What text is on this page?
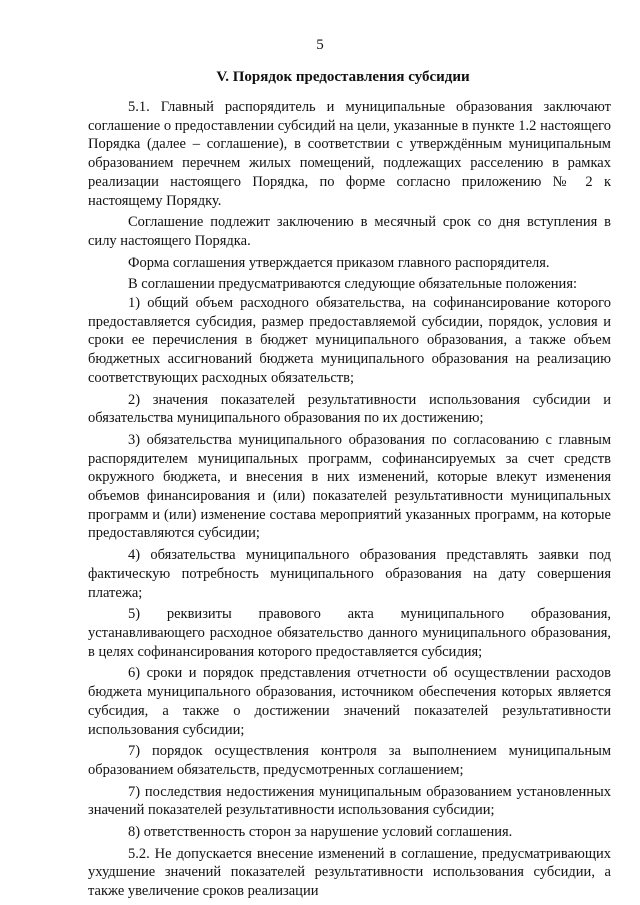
5
V. Порядок предоставления субсидии

5.1. Главный распорядитель и муниципальные образования заключают соглашение о предоставлении субсидий на цели, указанные в пункте 1.2 настоящего Порядка (далее – соглашение), в соответствии с утверждённым муниципальным образованием перечнем жилых помещений, подлежащих расселению в рамках реализации настоящего Порядка, по форме согласно приложению № 2 к настоящему Порядку.

Соглашение подлежит заключению в месячный срок со дня вступления в силу настоящего Порядка.

Форма соглашения утверждается приказом главного распорядителя.

В соглашении предусматриваются следующие обязательные положения:

1) общий объем расходного обязательства, на софинансирование которого предоставляется субсидия, размер предоставляемой субсидии, порядок, условия и сроки ее перечисления в бюджет муниципального образования, а также объем бюджетных ассигнований бюджета муниципального образования на реализацию соответствующих расходных обязательств;

2) значения показателей результативности использования субсидии и обязательства муниципального образования по их достижению;

3) обязательства муниципального образования по согласованию с главным распорядителем муниципальных программ, софинансируемых за счет средств окружного бюджета, и внесения в них изменений, которые влекут изменения объемов финансирования и (или) показателей результативности муниципальных программ и (или) изменение состава мероприятий указанных программ, на которые предоставляются субсидии;

4) обязательства муниципального образования представлять заявки под фактическую потребность муниципального образования на дату совершения платежа;

5) реквизиты правового акта муниципального образования, устанавливающего расходное обязательство данного муниципального образования, в целях софинансирования которого предоставляется субсидия;

6) сроки и порядок представления отчетности об осуществлении расходов бюджета муниципального образования, источником обеспечения которых является субсидия, а также о достижении значений показателей результативности использования субсидии;

7) порядок осуществления контроля за выполнением муниципальным образованием обязательств, предусмотренных соглашением;

7) последствия недостижения муниципальным образованием установленных значений показателей результативности использования субсидии;

8) ответственность сторон за нарушение условий соглашения.

5.2. Не допускается внесение изменений в соглашение, предусматривающих ухудшение значений показателей результативности использования субсидии, а также увеличение сроков реализации
